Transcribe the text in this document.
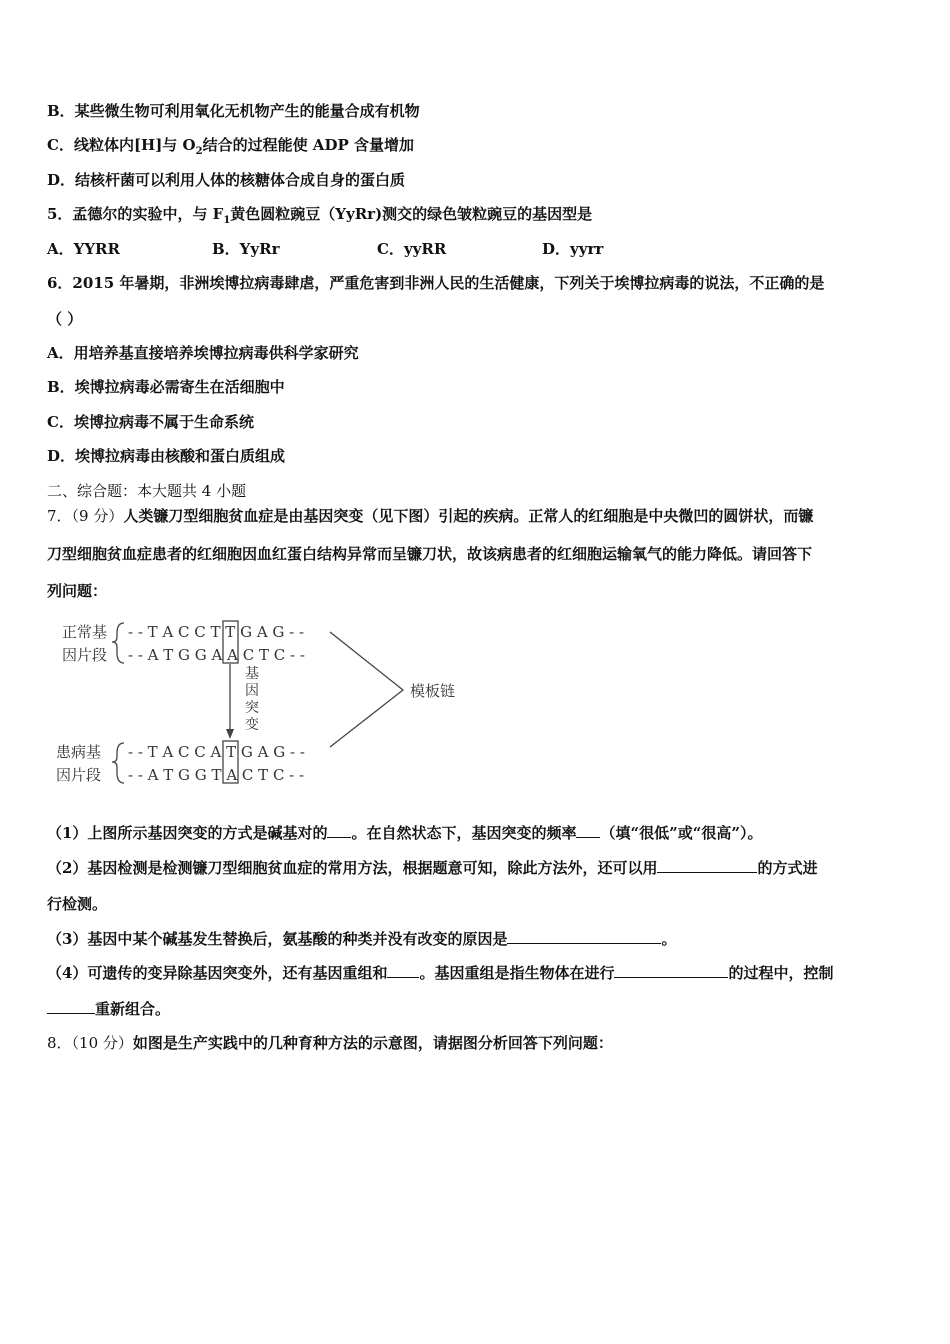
B．某些微生物可利用氧化无机物产生的能量合成有机物
C．线粒体内[H]与 $O_2$结合的过程能使 ADP 含量增加
D．结核杆菌可以利用人体的核糖体合成自身的蛋白质
5．孟德尔的实验中，与 $F_1$黄色圆粒豌豆（YyRr)测交的绿色皱粒豌豆的基因型是
A．YYRR	B．YyRr	C．yyRR	D．yyrr
6．2015 年暑期，非洲埃博拉病毒肆虐，严重危害到非洲人民的生活健康，下列关于埃博拉病毒的说法，不正确的是
（ ）
A．用培养基直接培养埃博拉病毒供科学家研究
B．埃博拉病毒必需寄生在活细胞中
C．埃博拉病毒不属于生命系统
D．埃博拉病毒由核酸和蛋白质组成
二、综合题：本大题共 4 小题
7．（9 分）人类镰刀型细胞贫血症是由基因突变（见下图）引起的疾病。正常人的红细胞是中央微凹的圆饼状，而镰
刀型细胞贫血症患者的红细胞因血红蛋白结构异常而呈镰刀状，故该病患者的红细胞运输氧气的能力降低。请回答下
列问题：
正常基
因片段
- - T A C C T T G A G - -
- - A T G G A A C T C - -
基
因
突
变
模板链
患病基
因片段
- - T A C C A T G A G - -
- - A T G G T A C T C - -
（1）上图所示基因突变的方式是碱基对的 。在自然状态下，基因突变的频率 （填“很低”或“很高”）。
（2）基因检测是检测镰刀型细胞贫血症的常用方法，根据题意可知，除此方法外，还可以用	的方式进
行检测。
（3）基因中某个碱基发生替换后，氨基酸的种类并没有改变的原因是	。
（4）可遗传的变异除基因突变外，还有基因重组和 。基因重组是指生物体在进行	的过程中，控制
重新组合。
8．（10 分）如图是生产实践中的几种育种方法的示意图，请据图分析回答下列问题：
